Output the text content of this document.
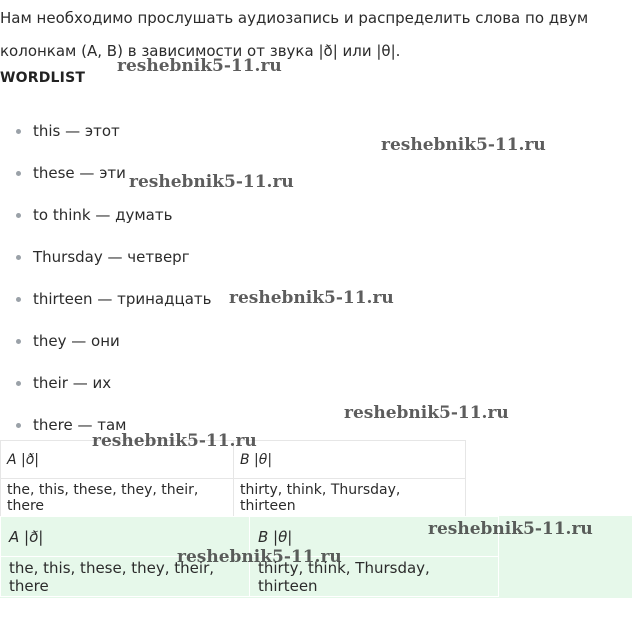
Нам необходимо прослушать аудиозапись и распределить слова по двум колонкам (A, B) в зависимости от звука |ð| или |θ|.
WORDLIST
this — этот
these — эти
to think — думать
Thursday — четверг
thirteen — тринадцать
they — они
their — их
there — там
A |ð|	B |θ|
the, this, these, they, their, there	thirty, think, Thursday, thirteen
A |ð|	B |θ|
the, this, these, they, their, there	thirty, think, Thursday, thirteen
reshebnik5-11.ru
reshebnik5-11.ru
reshebnik5-11.ru
reshebnik5-11.ru
reshebnik5-11.ru
reshebnik5-11.ru
reshebnik5-11.ru
reshebnik5-11.ru
